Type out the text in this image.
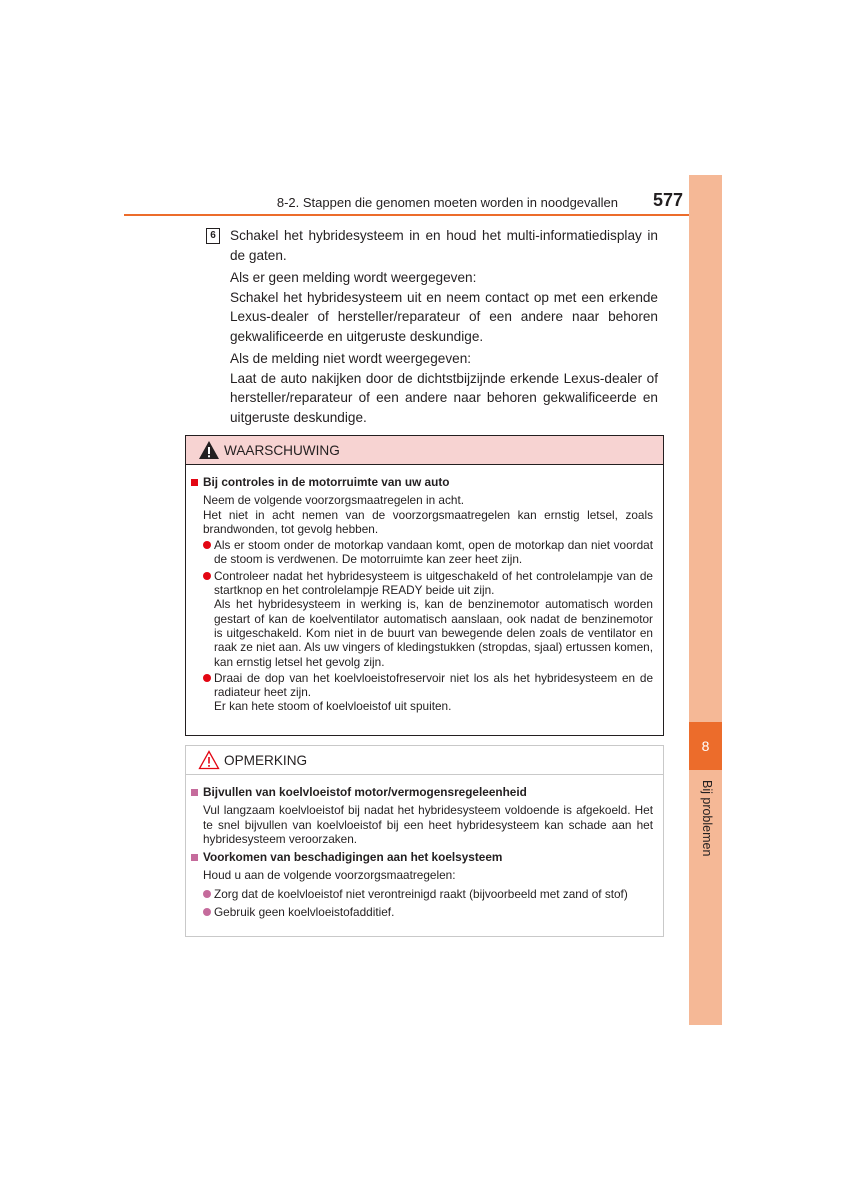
8
Bij problemen
8-2. Stappen die genomen moeten worden in noodgevallen	577
6	Schakel het hybridesysteem in en houd het multi-informatiedisplay in de gaten.

Als er geen melding wordt weergegeven:

Schakel het hybridesysteem uit en neem contact op met een erkende Lexus-dealer of hersteller/reparateur of een andere naar behoren gekwalificeerde en uitgeruste deskundige.

Als de melding niet wordt weergegeven:

Laat de auto nakijken door de dichtstbijzijnde erkende Lexus-dealer of hersteller/reparateur of een andere naar behoren gekwalificeerde en uitgeruste deskundige.

WAARSCHUWING
Bij controles in de motorruimte van uw auto

Neem de volgende voorzorgsmaatregelen in acht.

Het niet in acht nemen van de voorzorgsmaatregelen kan ernstig letsel, zoals brandwonden, tot gevolg hebben.

Als er stoom onder de motorkap vandaan komt, open de motorkap dan niet voordat de stoom is verdwenen. De motorruimte kan zeer heet zijn.

Controleer nadat het hybridesysteem is uitgeschakeld of het controlelampje van de startknop en het controlelampje READY beide uit zijn.

Als het hybridesysteem in werking is, kan de benzinemotor automatisch worden gestart of kan de koelventilator automatisch aanslaan, ook nadat de benzinemotor is uitgeschakeld. Kom niet in de buurt van bewegende delen zoals de ventilator en raak ze niet aan. Als uw vingers of kledingstukken (stropdas, sjaal) ertussen komen, kan ernstig letsel het gevolg zijn.

Draai de dop van het koelvloeistofreservoir niet los als het hybridesysteem en de radiateur heet zijn.

Er kan hete stoom of koelvloeistof uit spuiten.

OPMERKING
Bijvullen van koelvloeistof motor/vermogensregeleenheid

Vul langzaam koelvloeistof bij nadat het hybridesysteem voldoende is afgekoeld. Het te snel bijvullen van koelvloeistof bij een heet hybridesysteem kan schade aan het hybridesysteem veroorzaken.

Voorkomen van beschadigingen aan het koelsysteem

Houd u aan de volgende voorzorgsmaatregelen:

Zorg dat de koelvloeistof niet verontreinigd raakt (bijvoorbeeld met zand of stof)

Gebruik geen koelvloeistofadditief.
